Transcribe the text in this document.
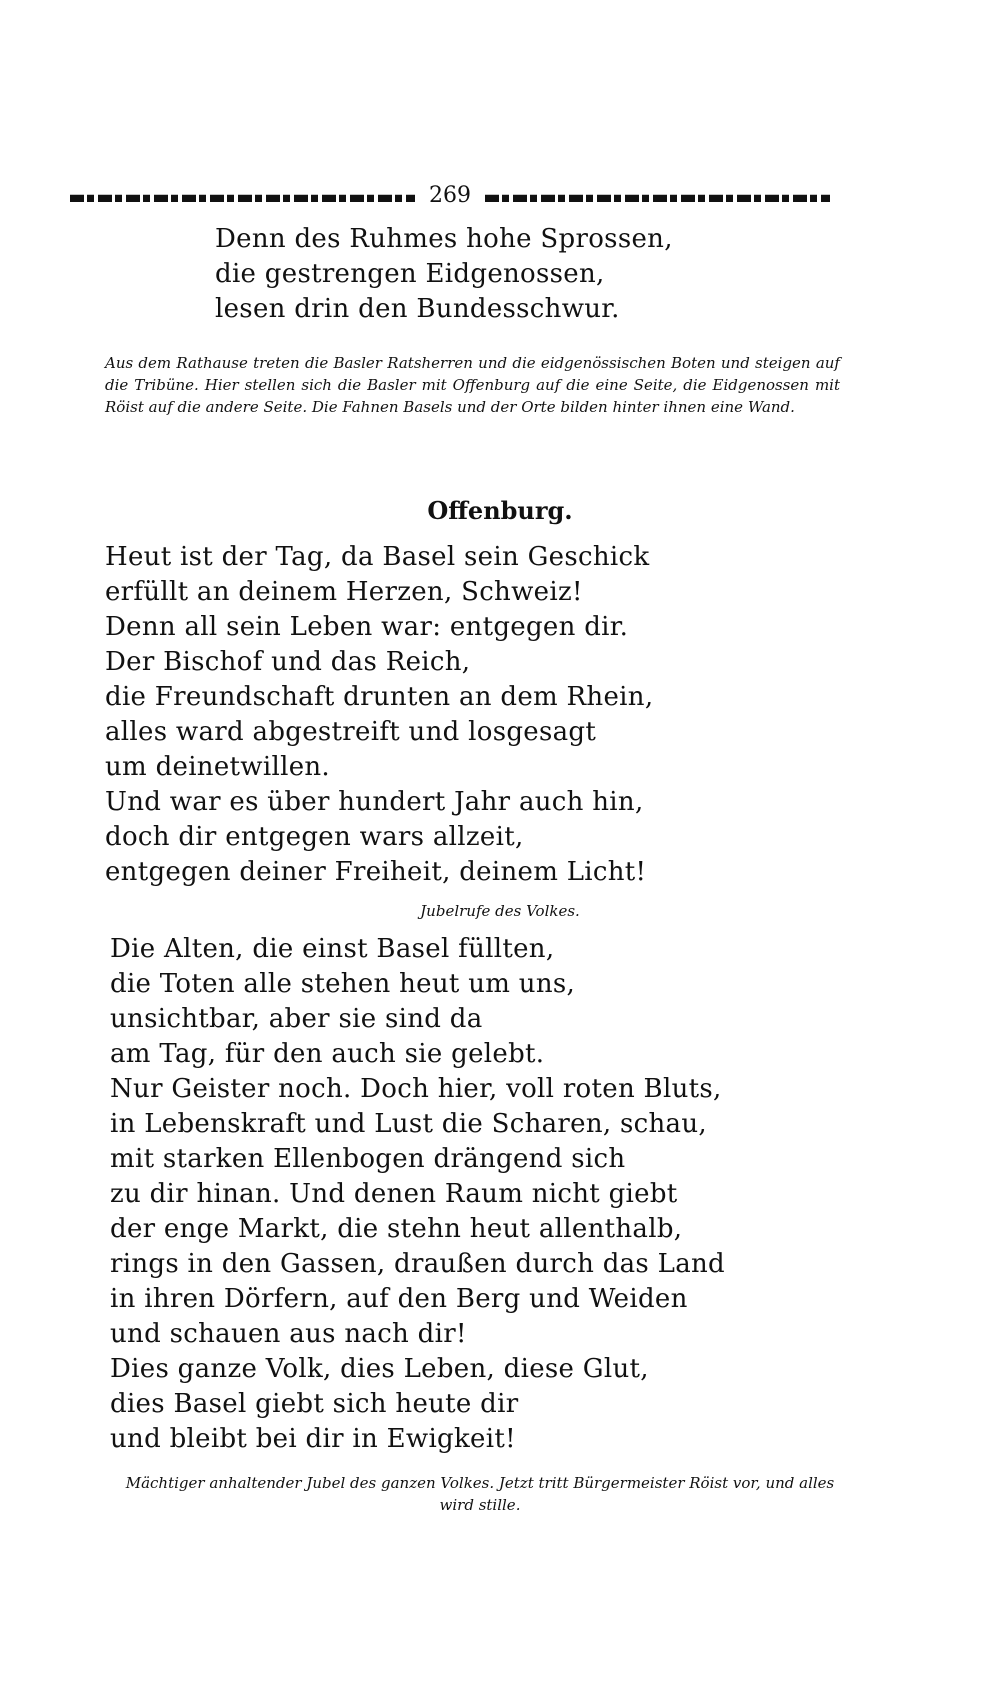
269
Denn des Ruhmes hohe Sprossen,
die gestrengen Eidgenossen,
lesen drin den Bundesschwur.
Aus dem Rathause treten die Basler Ratsherren und die eidgenössischen Boten und steigen auf die Tribüne. Hier stellen sich die Basler mit Offenburg auf die eine Seite, die Eidgenossen mit Röist auf die andere Seite. Die Fahnen Basels und der Orte bilden hinter ihnen eine Wand.
Offenburg.
Heut ist der Tag, da Basel sein Geschick
erfüllt an deinem Herzen, Schweiz!
Denn all sein Leben war: entgegen dir.
Der Bischof und das Reich,
die Freundschaft drunten an dem Rhein,
alles ward abgestreift und losgesagt
um deinetwillen.
Und war es über hundert Jahr auch hin,
doch dir entgegen wars allzeit,
entgegen deiner Freiheit, deinem Licht!
Jubelrufe des Volkes.
Die Alten, die einst Basel füllten,
die Toten alle stehen heut um uns,
unsichtbar, aber sie sind da
am Tag, für den auch sie gelebt.
Nur Geister noch. Doch hier, voll roten Bluts,
in Lebenskraft und Lust die Scharen, schau,
mit starken Ellenbogen drängend sich
zu dir hinan. Und denen Raum nicht giebt
der enge Markt, die stehn heut allenthalb,
rings in den Gassen, draußen durch das Land
in ihren Dörfern, auf den Berg und Weiden
und schauen aus nach dir!
Dies ganze Volk, dies Leben, diese Glut,
dies Basel giebt sich heute dir
und bleibt bei dir in Ewigkeit!
Mächtiger anhaltender Jubel des ganzen Volkes. Jetzt tritt Bürgermeister Röist vor, und alles wird stille.
